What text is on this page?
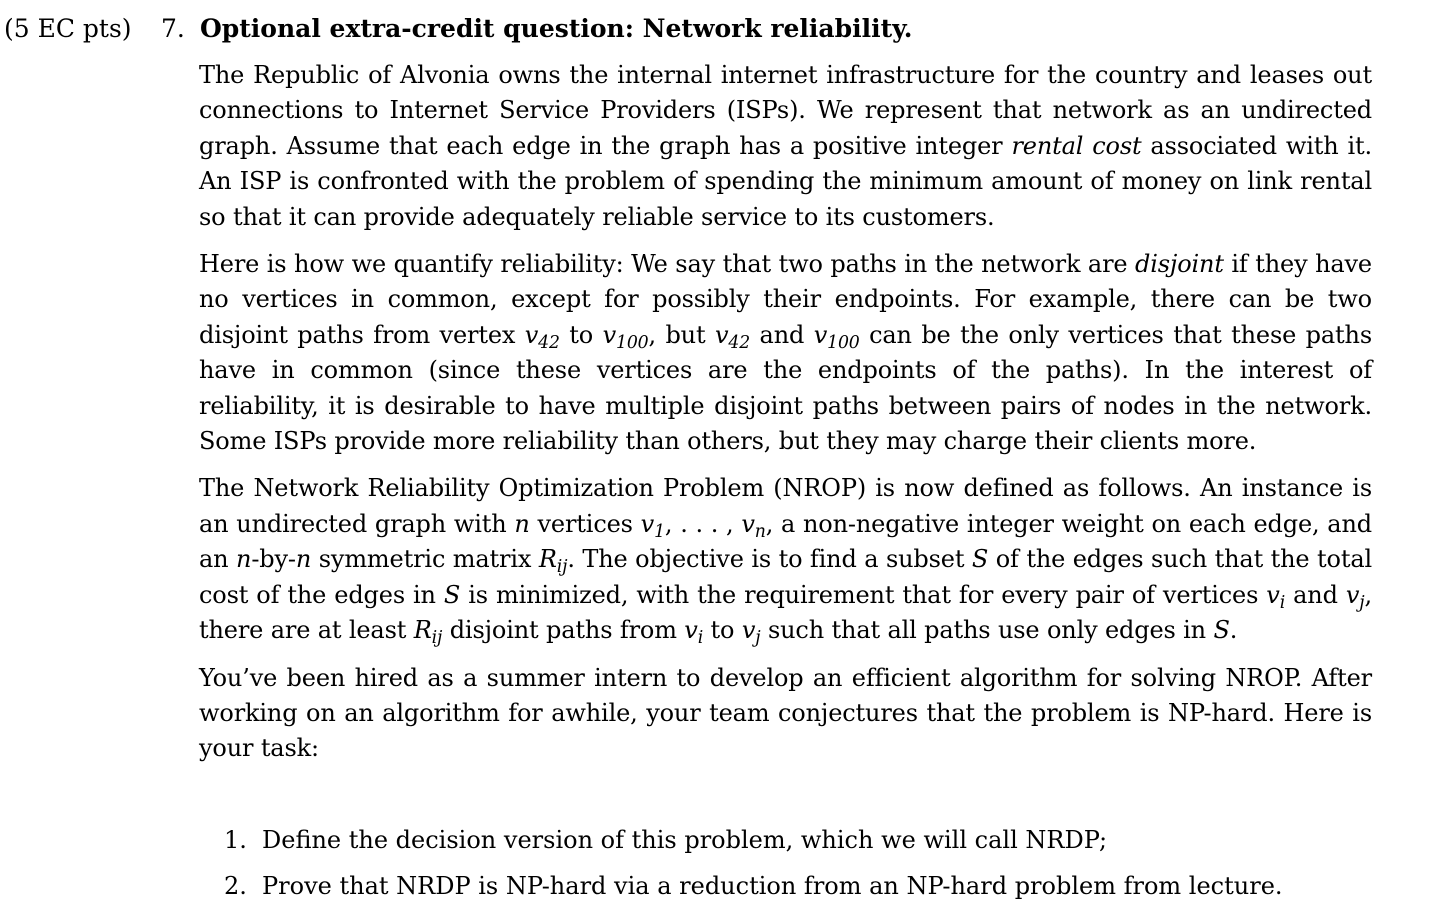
(5 EC pts) 7. Optional extra-credit question: Network reliability.

The Republic of Alvonia owns the internal internet infrastructure for the country and leases out connections to Internet Service Providers (ISPs). We represent that network as an undirected graph. Assume that each edge in the graph has a positive integer rental cost associated with it. An ISP is confronted with the problem of spending the minimum amount of money on link rental so that it can provide adequately reliable service to its customers.

Here is how we quantify reliability: We say that two paths in the network are disjoint if they have no vertices in common, except for possibly their endpoints. For example, there can be two disjoint paths from vertex $v_{42}$ to $v_{100}$, but $v_{42}$ and $v_{100}$ can be the only vertices that these paths have in common (since these vertices are the endpoints of the paths). In the interest of reliability, it is desirable to have multiple disjoint paths between pairs of nodes in the network. Some ISPs provide more reliability than others, but they may charge their clients more.

The Network Reliability Optimization Problem (NROP) is now defined as follows. An instance is an undirected graph with n vertices $v_1$, . . . , $v_n$, a non-negative integer weight on each edge, and an n-by-n symmetric matrix $R_{ij}$. The objective is to find a subset S of the edges such that the total cost of the edges in S is minimized, with the requirement that for every pair of vertices $v_i$ and $v_j$, there are at least $R_{ij}$ disjoint paths from $v_i$ to $v_j$ such that all paths use only edges in S.

You’ve been hired as a summer intern to develop an efficient algorithm for solving NROP. After working on an algorithm for awhile, your team conjectures that the problem is NP-hard. Here is your task:

1. Define the decision version of this problem, which we will call NRDP;
2. Prove that NRDP is NP-hard via a reduction from an NP-hard problem from lecture.
